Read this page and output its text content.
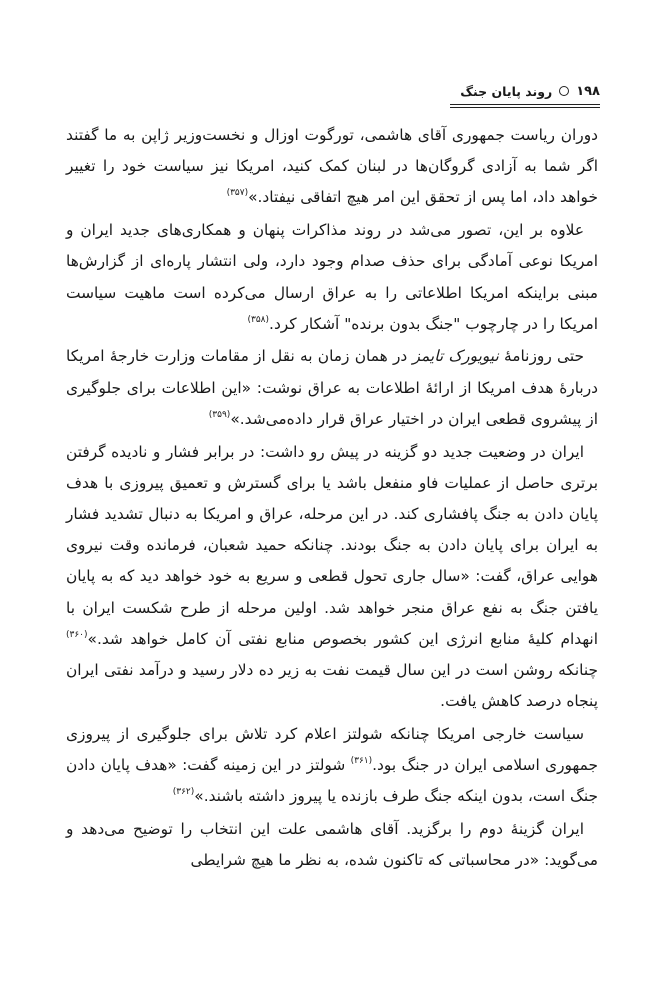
۱۹۸
روند پایان جنگ

دوران ریاست جمهوری آقای هاشمی، تورگوت اوزال و نخست‌وزیر ژاپن به ما گفتند اگر شما به آزادی گروگان‌ها در لبنان کمک کنید، امریکا نیز سیاست خود را تغییر خواهد داد، اما پس از تحقق این امر هیچ اتفاقی نیفتاد.»$^{(۳۵۷)}$

علاوه بر این، تصور می‌شد در روند مذاکرات پنهان و همکاری‌های جدید ایران و امریکا نوعی آمادگی برای حذف صدام وجود دارد، ولی انتشار پاره‌ای از گزارش‌ها مبنی براینکه امریکا اطلاعاتی را به عراق ارسال می‌کرده است ماهیت سیاست امریکا را در چارچوب "جنگ بدون برنده" آشکار کرد.$^{(۳۵۸)}$

حتی روزنامهٔ نیویورک تایمز در همان زمان به نقل از مقامات وزارت خارجهٔ امریکا دربارهٔ هدف امریکا از ارائهٔ اطلاعات به عراق نوشت: «این اطلاعات برای جلوگیری از پیشروی قطعی ایران در اختیار عراق قرار داده‌می‌شد.»$^{(۳۵۹)}$

ایران در وضعیت جدید دو گزینه در پیش رو داشت: در برابر فشار و نادیده گرفتن برتری حاصل از عملیات فاو منفعل باشد یا برای گسترش و تعمیق پیروزی با هدف پایان دادن به جنگ پافشاری کند. در این مرحله، عراق و امریکا به دنبال تشدید فشار به ایران برای پایان دادن به جنگ بودند. چنانکه حمید شعبان، فرمانده وقت نیروی هوایی عراق، گفت: «سال جاری تحول قطعی و سریع به خود خواهد دید که به پایان یافتن جنگ به نفع عراق منجر خواهد شد. اولین مرحله از طرح شکست ایران با انهدام کلیهٔ منابع انرژی این کشور بخصوص منابع نفتی آن کامل خواهد شد.»$^{(۳۶۰)}$ چنانکه روشن است در این سال قیمت نفت به زیر ده دلار رسید و درآمد نفتی ایران پنجاه درصد کاهش یافت.

سیاست خارجی امریکا چنانکه شولتز اعلام کرد تلاش برای جلوگیری از پیروزی جمهوری اسلامی ایران در جنگ بود.$^{(۳۶۱)}$ شولتز در این زمینه گفت: «هدف پایان دادن جنگ است، بدون اینکه جنگ طرف بازنده یا پیروز داشته باشند.»$^{(۳۶۲)}$

ایران گزینهٔ دوم را برگزید. آقای هاشمی علت این انتخاب را توضیح می‌دهد و می‌گوید: «در محاسباتی که تاکنون شده، به نظر ما هیچ شرایطی
